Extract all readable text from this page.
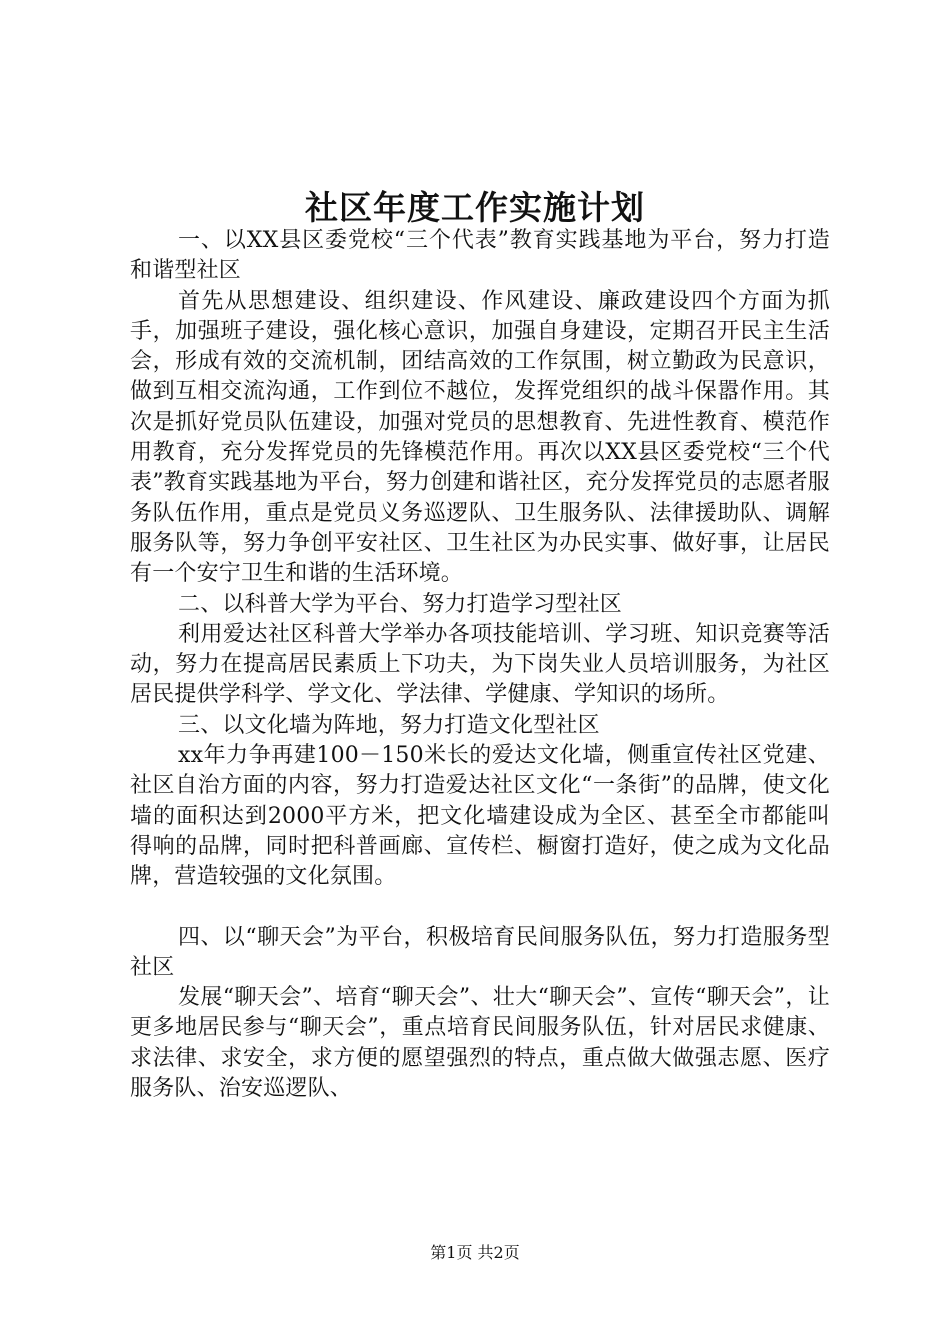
社区年度工作实施计划

一、以XX县区委党校“三个代表”教育实践基地为平台，努力打造和谐型社区

首先从思想建设、组织建设、作风建设、廉政建设四个方面为抓手，加强班子建设，强化核心意识，加强自身建设，定期召开民主生活会，形成有效的交流机制，团结高效的工作氛围，树立勤政为民意识，做到互相交流沟通，工作到位不越位，发挥党组织的战斗保嚣作用。其次是抓好党员队伍建设，加强对党员的思想教育、先进性教育、模范作用教育，充分发挥党员的先锋模范作用。再次以XX县区委党校“三个代表”教育实践基地为平台，努力创建和谐社区，充分发挥党员的志愿者服务队伍作用，重点是党员义务巡逻队、卫生服务队、法律援助队、调解服务队等，努力争创平安社区、卫生社区为办民实事、做好事，让居民有一个安宁卫生和谐的生活环境。

二、以科普大学为平台、努力打造学习型社区

利用爱达社区科普大学举办各项技能培训、学习班、知识竞赛等活动，努力在提高居民素质上下功夫，为下岗失业人员培训服务，为社区居民提供学科学、学文化、学法律、学健康、学知识的场所。

三、以文化墙为阵地，努力打造文化型社区

xx年力争再建100－150米长的爱达文化墙，侧重宣传社区党建、社区自治方面的内容，努力打造爱达社区文化“一条街”的品牌，使文化墙的面积达到2000平方米，把文化墙建设成为全区、甚至全市都能叫得响的品牌，同时把科普画廊、宣传栏、橱窗打造好，使之成为文化品牌，营造较强的文化氛围。

四、以“聊天会”为平台，积极培育民间服务队伍，努力打造服务型社区

发展“聊天会”、培育“聊天会”、壮大“聊天会”、宣传“聊天会”，让更多地居民参与“聊天会”，重点培育民间服务队伍，针对居民求健康、求法律、求安全，求方便的愿望强烈的特点，重点做大做强志愿、医疗服务队、治安巡逻队、

第1页 共2页
